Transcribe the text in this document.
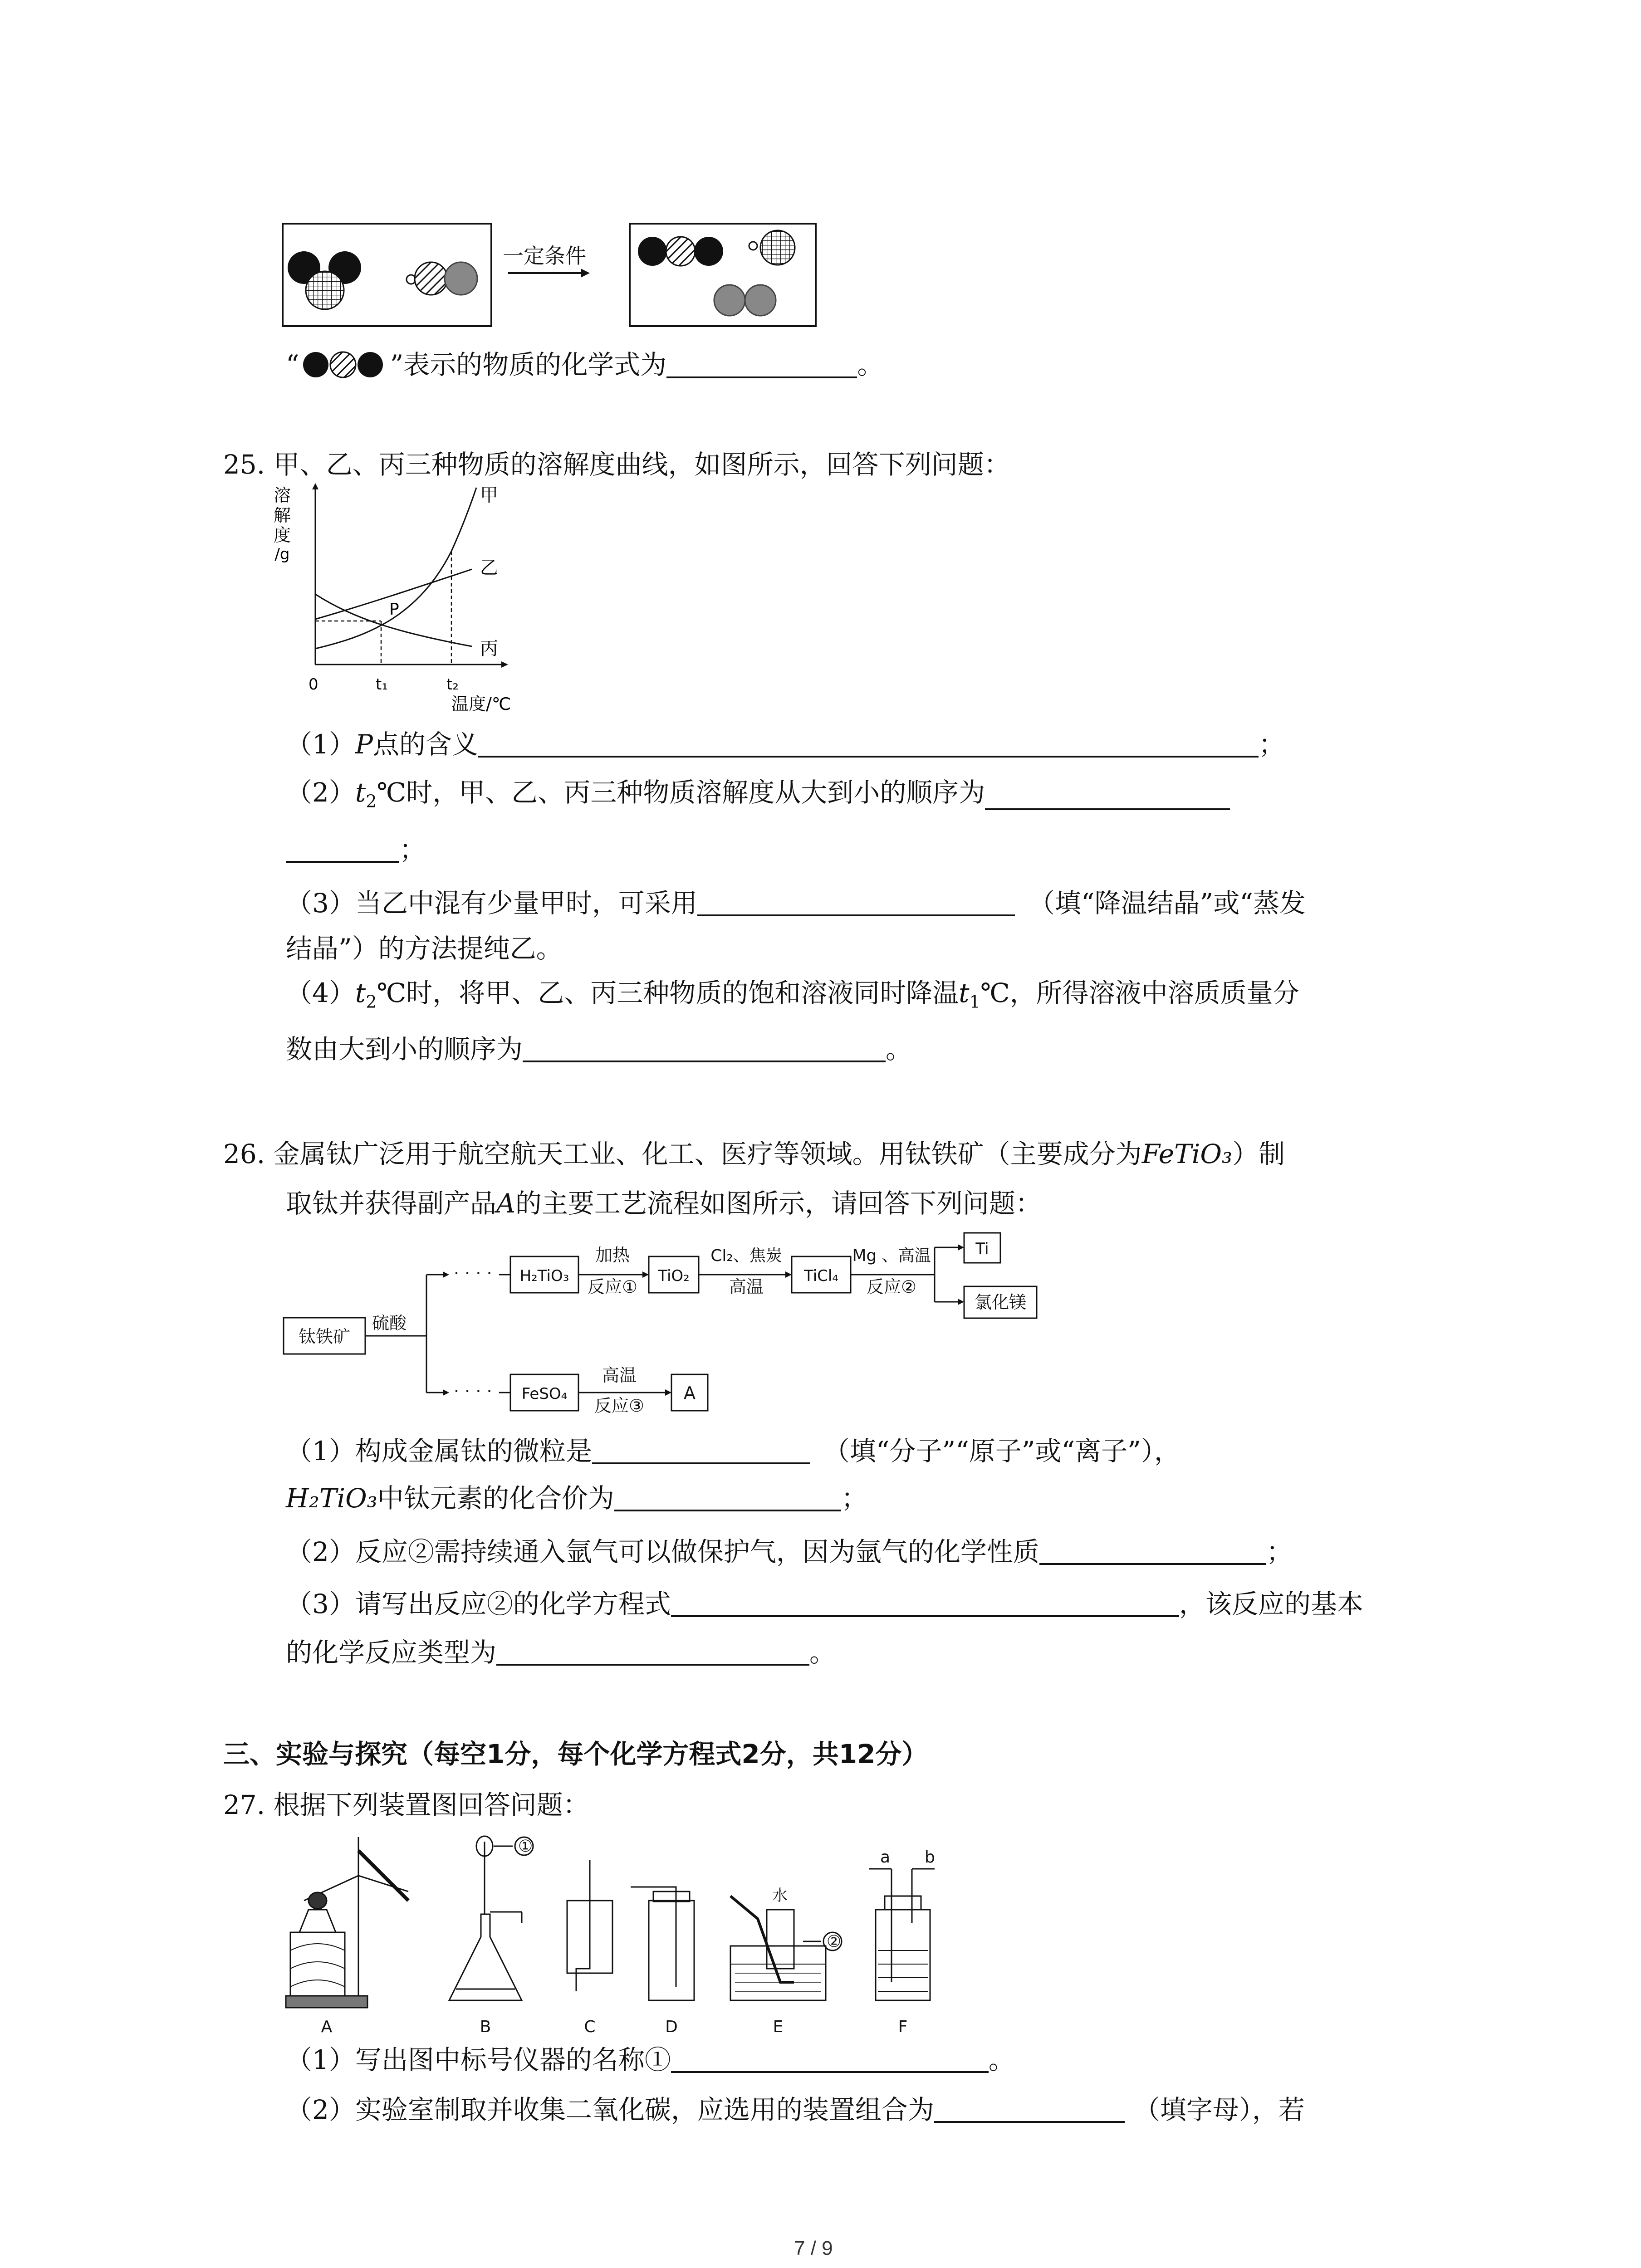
一定条件
“	”表示的物质的化学式为	。
25. 甲、乙、丙三种物质的溶解度曲线，如图所示，回答下列问题：
溶
解
度
/g
P
甲
乙
丙
0	t₁	t₂
温度/℃
（1）P点的含义	；
$(2)t_2℃$时，甲、乙、丙三种物质溶解度从大到小的顺序为
；
（3）当乙中混有少量甲时，可采用	（填“降温结晶”或“蒸发
结晶”）的方法提纯乙。
$(4)t_2℃$时，将甲、乙、丙三种物质的饱和溶液同时降温$t_1℃$，所得溶液中溶质质量分
数由大到小的顺序为	。
26. 金属钛广泛用于航空航天工业、化工、医疗等领域。用钛铁矿（主要成分为FeTiO₃）制
取钛并获得副产品A的主要工艺流程如图所示，请回答下列问题：
钛铁矿
硫酸
· · · ·
· · · ·
H₂TiO₃
加热
反应①
TiO₂
Cl₂、焦炭
高温
TiCl₄
Mg 、高温
反应②
Ti
氯化镁
FeSO₄
高温
反应③
A
（1）构成金属钛的微粒是	（填“分子”“原子”或“离子”），
H₂TiO₃中钛元素的化合价为	；
（2）反应②需持续通入氩气可以做保护气，因为氩气的化学性质	；
（3）请写出反应②的化学方程式	，该反应的基本
的化学反应类型为	。
三、实验与探究（每空1分，每个化学方程式2分，共12分）
27. 根据下列装置图回答问题：
①
②
水
a b
A	B	C	D	E	F
（1）写出图中标号仪器的名称①	。
（2）实验室制取并收集二氧化碳，应选用的装置组合为	（填字母），若
7 / 9
